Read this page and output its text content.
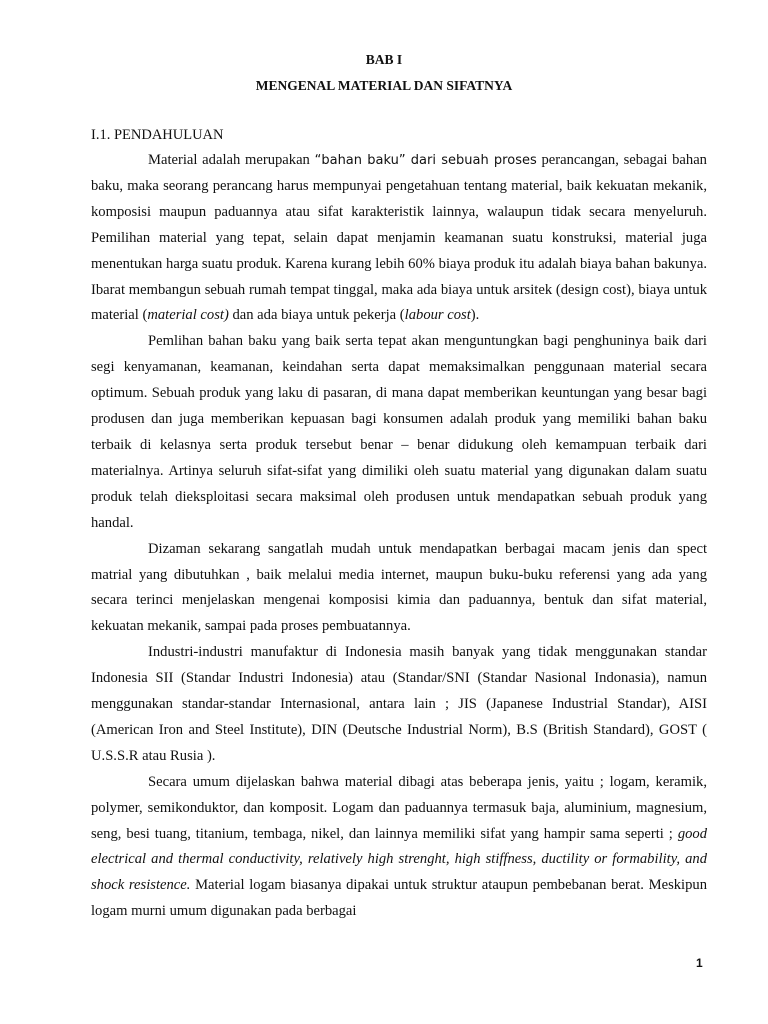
BAB I
MENGENAL MATERIAL DAN SIFATNYA
I.1. PENDAHULUAN

Material adalah merupakan “bahan baku” dari sebuah proses perancangan, sebagai bahan baku, maka seorang perancang harus mempunyai pengetahuan tentang material, baik kekuatan mekanik, komposisi maupun paduannya atau sifat karakteristik lainnya, walaupun tidak secara menyeluruh. Pemilihan material yang tepat, selain dapat menjamin keamanan suatu konstruksi, material juga menentukan harga suatu produk. Karena kurang lebih 60% biaya produk itu adalah biaya bahan bakunya. Ibarat membangun sebuah rumah tempat tinggal, maka ada biaya untuk arsitek (design cost), biaya untuk material (material cost) dan ada biaya untuk pekerja (labour cost).

Pemlihan bahan baku yang baik serta tepat akan menguntungkan bagi penghuninya baik dari segi kenyamanan, keamanan, keindahan serta dapat memaksimalkan penggunaan material secara optimum. Sebuah produk yang laku di pasaran, di mana dapat memberikan keuntungan yang besar bagi produsen dan juga memberikan kepuasan bagi konsumen adalah produk yang memiliki bahan baku terbaik di kelasnya serta produk tersebut benar – benar didukung oleh kemampuan terbaik dari materialnya. Artinya seluruh sifat-sifat yang dimiliki oleh suatu material yang digunakan dalam suatu produk telah dieksploitasi secara maksimal oleh produsen untuk mendapatkan sebuah produk yang handal.

Dizaman sekarang sangatlah mudah untuk mendapatkan berbagai macam jenis dan spect matrial yang dibutuhkan , baik melalui media internet, maupun buku-buku referensi yang ada yang secara terinci menjelaskan mengenai komposisi kimia dan paduannya, bentuk dan sifat material, kekuatan mekanik, sampai pada proses pembuatannya.

Industri-industri manufaktur di Indonesia masih banyak yang tidak menggunakan standar Indonesia SII (Standar Industri Indonesia) atau (Standar/SNI (Standar Nasional Indonasia), namun menggunakan standar-standar Internasional, antara lain ; JIS (Japanese Industrial Standar), AISI (American Iron and Steel Institute), DIN (Deutsche Industrial Norm), B.S (British Standard), GOST ( U.S.S.R atau Rusia ).

Secara umum dijelaskan bahwa material dibagi atas beberapa jenis, yaitu ; logam, keramik, polymer, semikonduktor, dan komposit. Logam dan paduannya termasuk baja, aluminium, magnesium, seng, besi tuang, titanium, tembaga, nikel, dan lainnya memiliki sifat yang hampir sama seperti ; good electrical and thermal conductivity, relatively high strenght, high stiffness, ductility or formability, and shock resistence. Material logam biasanya dipakai untuk struktur ataupun pembebanan berat. Meskipun logam murni umum digunakan pada berbagai

1
